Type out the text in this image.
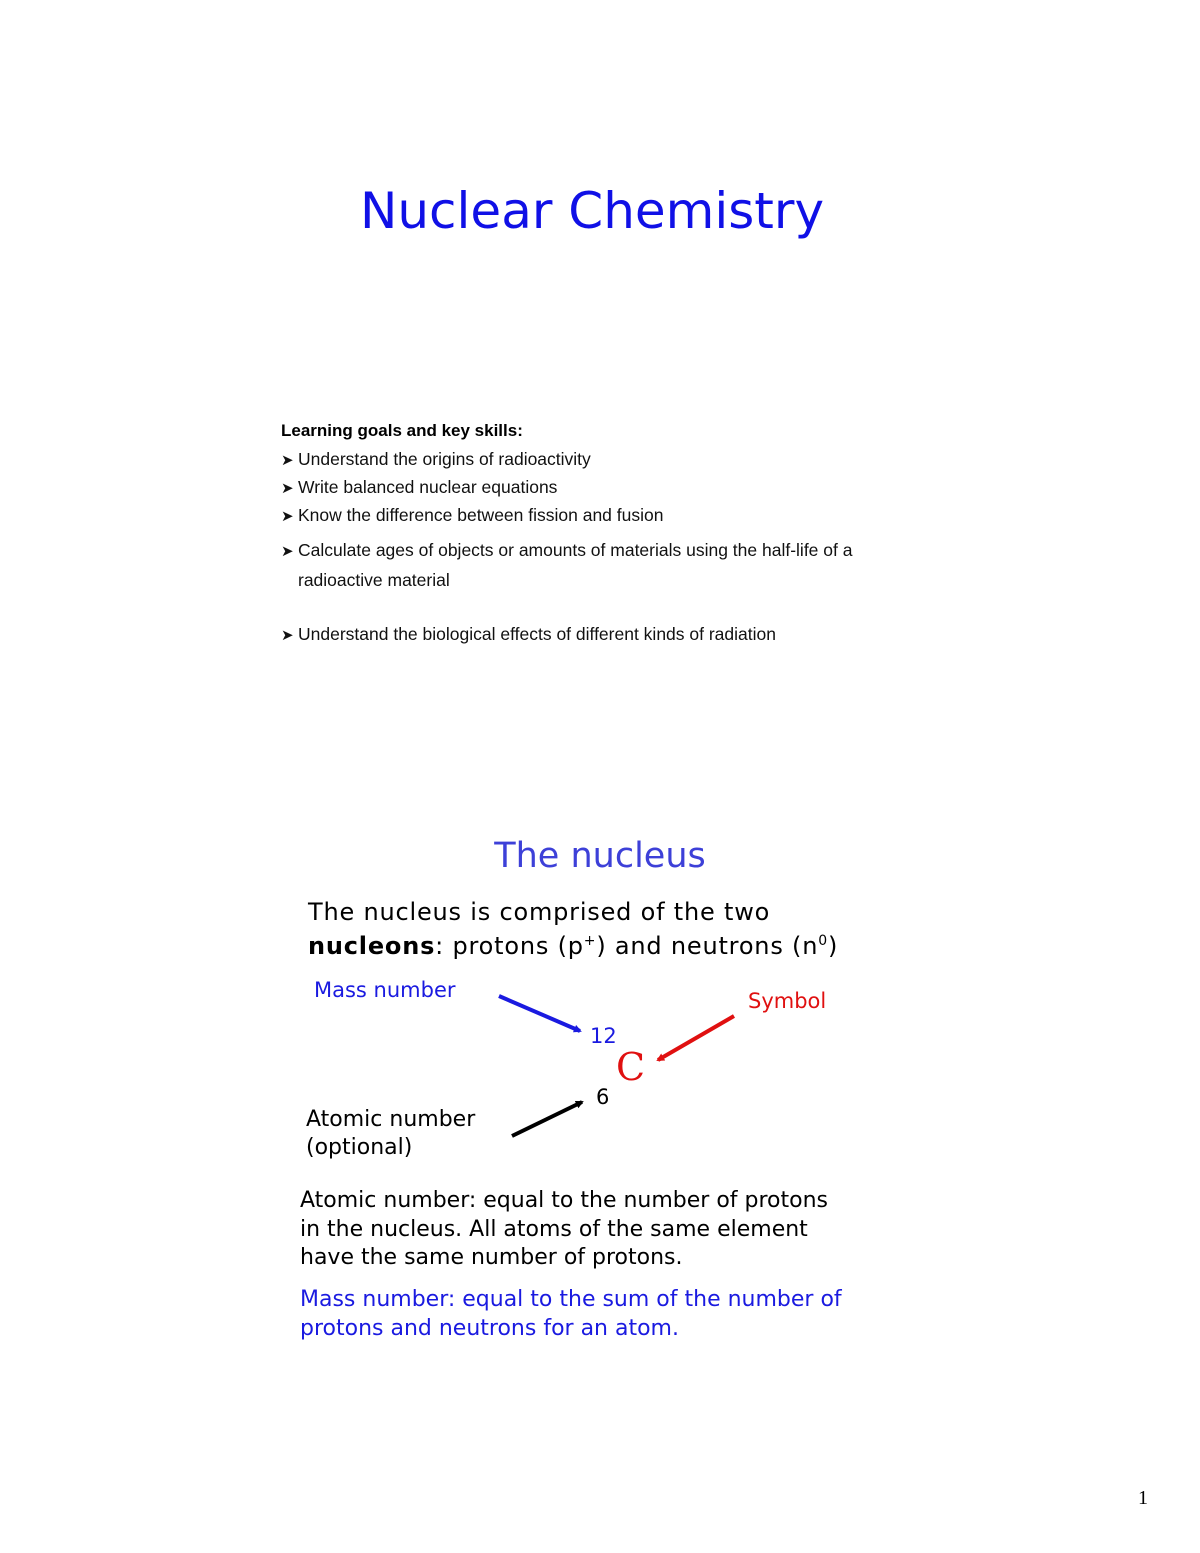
Nuclear Chemistry
Learning goals and key skills:
➤ Understand the origins of radioactivity
➤ Write balanced nuclear equations
➤ Know the difference between fission and fusion
➤ Calculate ages of objects or amounts of materials using the half-life of a
radioactive material
➤ Understand the biological effects of different kinds of radiation
The nucleus
The nucleus is comprised of the two
nucleons: protons (p+) and neutrons $(n^0)$
Mass number	Symbol
12
C
6
Atomic number
(optional)
Atomic number: equal to the number of protons
in the nucleus. All atoms of the same element
have the same number of protons.
Mass number: equal to the sum of the number of
protons and neutrons for an atom.
1
